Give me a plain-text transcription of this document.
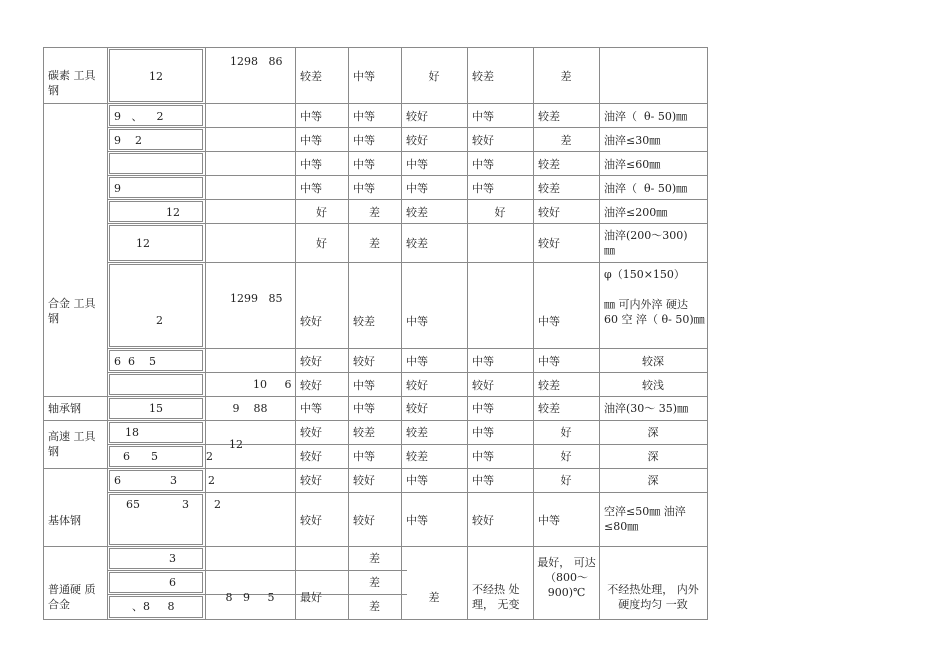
碳素 工具钢
合金 工具钢
轴承钢
高速 工具钢
基体钢
普通硬 质合金
12
9   、    2
9    2
9
12
12
2
6  6    5
15
18
6      5
6              3
65            3
3
6
、8     8
1298   86
1299   85
10     6
9    88
12
2
2
2
8   9     5
较差
中等
中等
中等
中等
好
好
较好
较好
较好
中等
较好
较好
较好
较好
最好
中等
中等
中等
中等
中等
差
差
较差
较好
中等
中等
较差
中等
较好
较好
差
差
差
好
较好
较好
中等
中等
较差
较差
中等
中等
较好
较好
较差
较差
中等
中等
差
较差
中等
较好
中等
中等
好
中等
较好
中等
中等
中等
中等
较好
不经热 处理， 无变
差
较差
差
较差
较差
较好
较好
中等
中等
较差
较差
好
好
好
中等
最好， 可达（800～ 900)℃
油淬（  θ- 50)㎜
油淬≤30㎜
油淬≤60㎜
油淬（  θ- 50)㎜
油淬≤200㎜
油淬(200～300)㎜
φ（150×150）
㎜ 可内外淬 硬达 60 空 淬（ θ- 50)㎜
较深
较浅
油淬(30～ 35)㎜
深
深
深
空淬≤50㎜ 油淬≤80㎜
不经热处理， 内外硬度均匀 一致
